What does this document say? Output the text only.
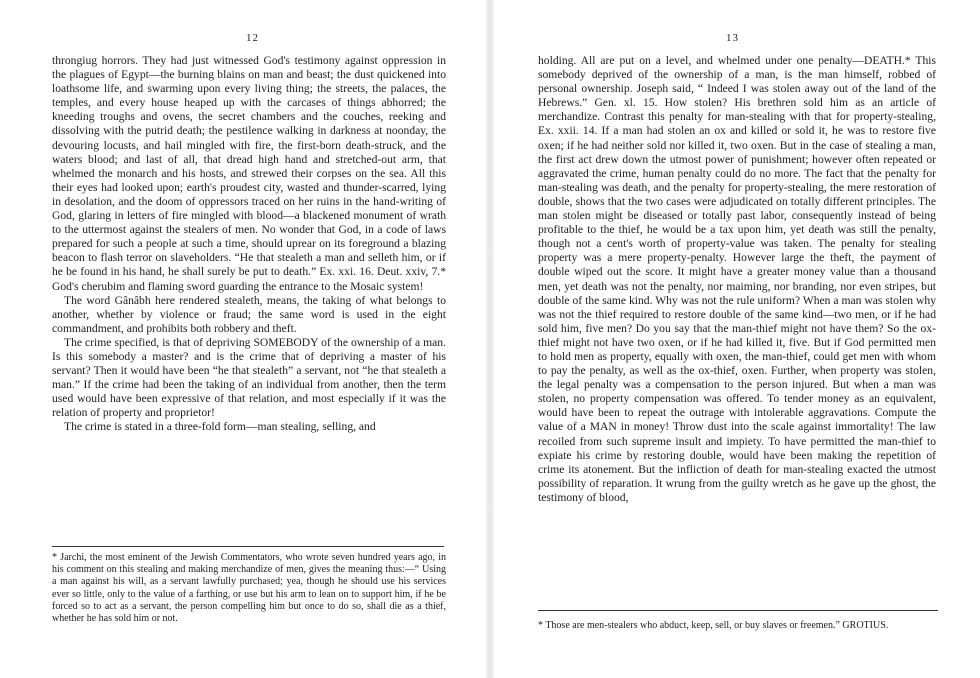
12

throngiug horrors. They had just witnessed God's testimony against oppression in the plagues of Egypt—the burning blains on man and beast; the dust quickened into loathsome life, and swarming upon every living thing; the streets, the palaces, the temples, and every house heaped up with the carcases of things abhorred; the kneeding troughs and ovens, the secret chambers and the couches, reeking and dissolving with the putrid death; the pestilence walking in darkness at noonday, the devouring locusts, and hail mingled with fire, the first-born death-struck, and the waters blood; and last of all, that dread high hand and stretched-out arm, that whelmed the monarch and his hosts, and strewed their corpses on the sea. All this their eyes had looked upon; earth's proudest city, wasted and thunder-scarred, lying in desolation, and the doom of oppressors traced on her ruins in the hand-writing of God, glaring in letters of fire mingled with blood—a blackened monument of wrath to the uttermost against the stealers of men. No wonder that God, in a code of laws prepared for such a people at such a time, should uprear on its foreground a blazing beacon to flash terror on slaveholders. “He that stealeth a man and selleth him, or if he be found in his hand, he shall surely be put to death.” Ex. xxi. 16. Deut. xxiv, 7.* God's cherubim and flaming sword guarding the entrance to the Mosaic system!

The word Gânâbh here rendered stealeth, means, the taking of what belongs to another, whether by violence or fraud; the same word is used in the eight commandment, and prohibits both robbery and theft.

The crime specified, is that of depriving SOMEBODY of the ownership of a man. Is this somebody a master? and is the crime that of depriving a master of his servant? Then it would have been “he that stealeth” a servant, not “he that stealeth a man.” If the crime had been the taking of an individual from another, then the term used would have been expressive of that relation, and most especially if it was the relation of property and proprietor!

The crime is stated in a three-fold form—man stealing, selling, and

* Jarchi, the most eminent of the Jewish Commentators, who wrote seven hundred years ago, in his comment on this stealing and making merchandize of men, gives the meaning thus:—“ Using a man against his will, as a servant lawfully purchased; yea, though he should use his services ever so little, only to the value of a farthing, or use but his arm to lean on to support him, if he be forced so to act as a servant, the person compelling him but once to do so, shall die as a thief, whether he has sold him or not.
13

holding. All are put on a level, and whelmed under one penalty—DEATH.* This somebody deprived of the ownership of a man, is the man himself, robbed of personal ownership. Joseph said, “ Indeed I was stolen away out of the land of the Hebrews.” Gen. xl. 15. How stolen? His brethren sold him as an article of merchandize. Contrast this penalty for man-stealing with that for property-stealing, Ex. xxii. 14. If a man had stolen an ox and killed or sold it, he was to restore five oxen; if he had neither sold nor killed it, two oxen. But in the case of stealing a man, the first act drew down the utmost power of punishment; however often repeated or aggravated the crime, human penalty could do no more. The fact that the penalty for man-stealing was death, and the penalty for property-stealing, the mere restoration of double, shows that the two cases were adjudicated on totally different principles. The man stolen might be diseased or totally past labor, consequently instead of being profitable to the thief, he would be a tax upon him, yet death was still the penalty, though not a cent's worth of property-value was taken. The penalty for stealing property was a mere property-penalty. However large the theft, the payment of double wiped out the score. It might have a greater money value than a thousand men, yet death was not the penalty, nor maiming, nor branding, nor even stripes, but double of the same kind. Why was not the rule uniform? When a man was stolen why was not the thief required to restore double of the same kind—two men, or if he had sold him, five men? Do you say that the man-thief might not have them? So the ox-thief might not have two oxen, or if he had killed it, five. But if God permitted men to hold men as property, equally with oxen, the man-thief, could get men with whom to pay the penalty, as well as the ox-thief, oxen. Further, when property was stolen, the legal penalty was a compensation to the person injured. But when a man was stolen, no property compensation was offered. To tender money as an equivalent, would have been to repeat the outrage with intolerable aggravations. Compute the value of a MAN in money! Throw dust into the scale against immortality! The law recoiled from such supreme insult and impiety. To have permitted the man-thief to expiate his crime by restoring double, would have been making the repetition of crime its atonement. But the infliction of death for man-stealing exacted the utmost possibility of reparation. It wrung from the guilty wretch as he gave up the ghost, the testimony of blood,

* Those are men-stealers who abduct, keep, sell, or buy slaves or freemen.” GROTIUS.
